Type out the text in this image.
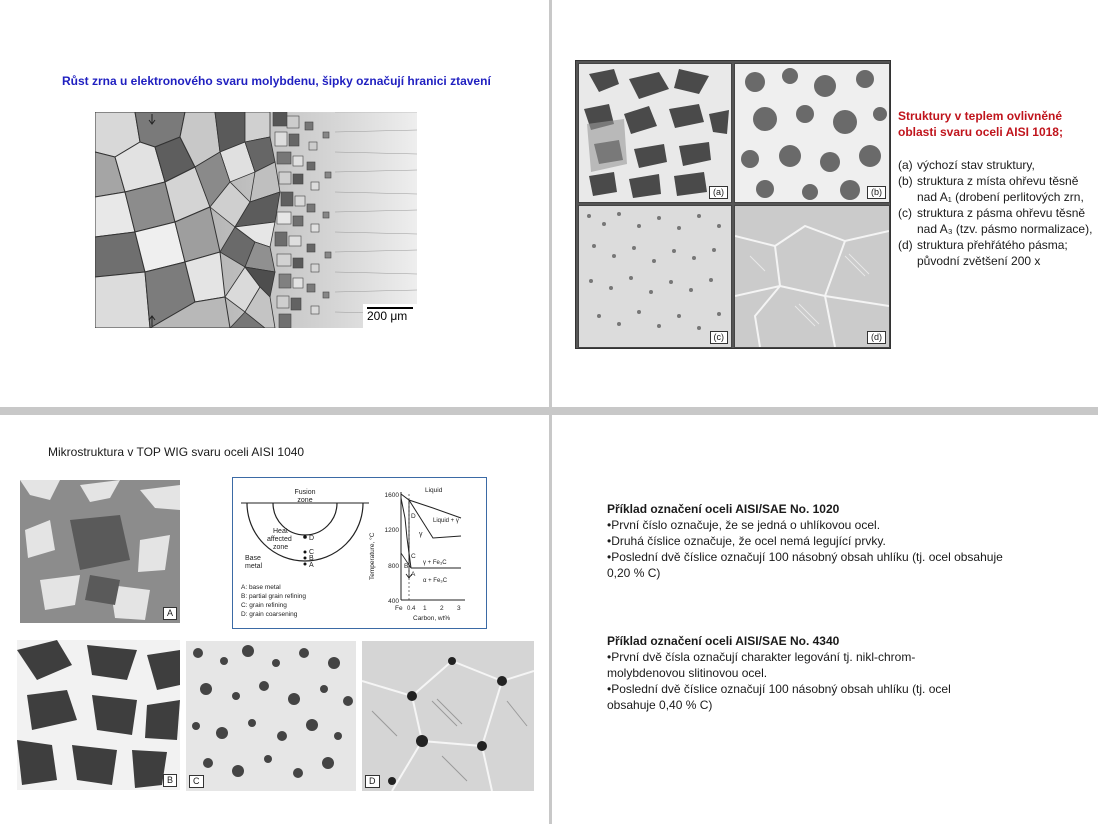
Růst zrna u elektronového svaru molybdenu, šipky označují hranici ztavení
200 μm
(a)	(b)
(c)	(d)
Struktury v teplem ovlivněné
oblasti svaru oceli AISI 1018;
(a) výchozí stav struktury,
(b) struktura z místa ohřevu těsně nad A₁ (drobení perlitových zrn,
(c) struktura z pásma ohřevu těsně nad A₃ (tzv. pásmo normalizace),
(d) struktura přehřátého pásma; původní zvětšení 200 x
Mikrostruktura v TOP WIG svaru oceli AISI 1040
A
B	C	D
Fusion
zone
Heat-
affected
zone
Base
metal
D
C
B
A
A: base metal
B: partial grain refining
C: grain refining
D: grain coarsening
1600
1200
800
400
Temperature, °C
Fe 0.4 1 2 3
Carbon, wt%
Liquid
Liquid + γ
γ
γ + Fe₃C
α + Fe₃C
D
C
B
A
Příklad označení oceli AISI/SAE No. 1020
•První číslo označuje, že se jedná o uhlíkovou ocel.
•Druhá číslice označuje, že ocel nemá legující prvky.
•Poslední dvě číslice označují 100 násobný obsah uhlíku (tj. ocel obsahuje
0,20 % C)
Příklad označení oceli AISI/SAE No. 4340
•První dvě čísla označují charakter legování tj. nikl-chrom-
molybdenovou slitinovou ocel.
•Poslední dvě číslice označují 100 násobný obsah uhlíku (tj. ocel
obsahuje 0,40 % C)
